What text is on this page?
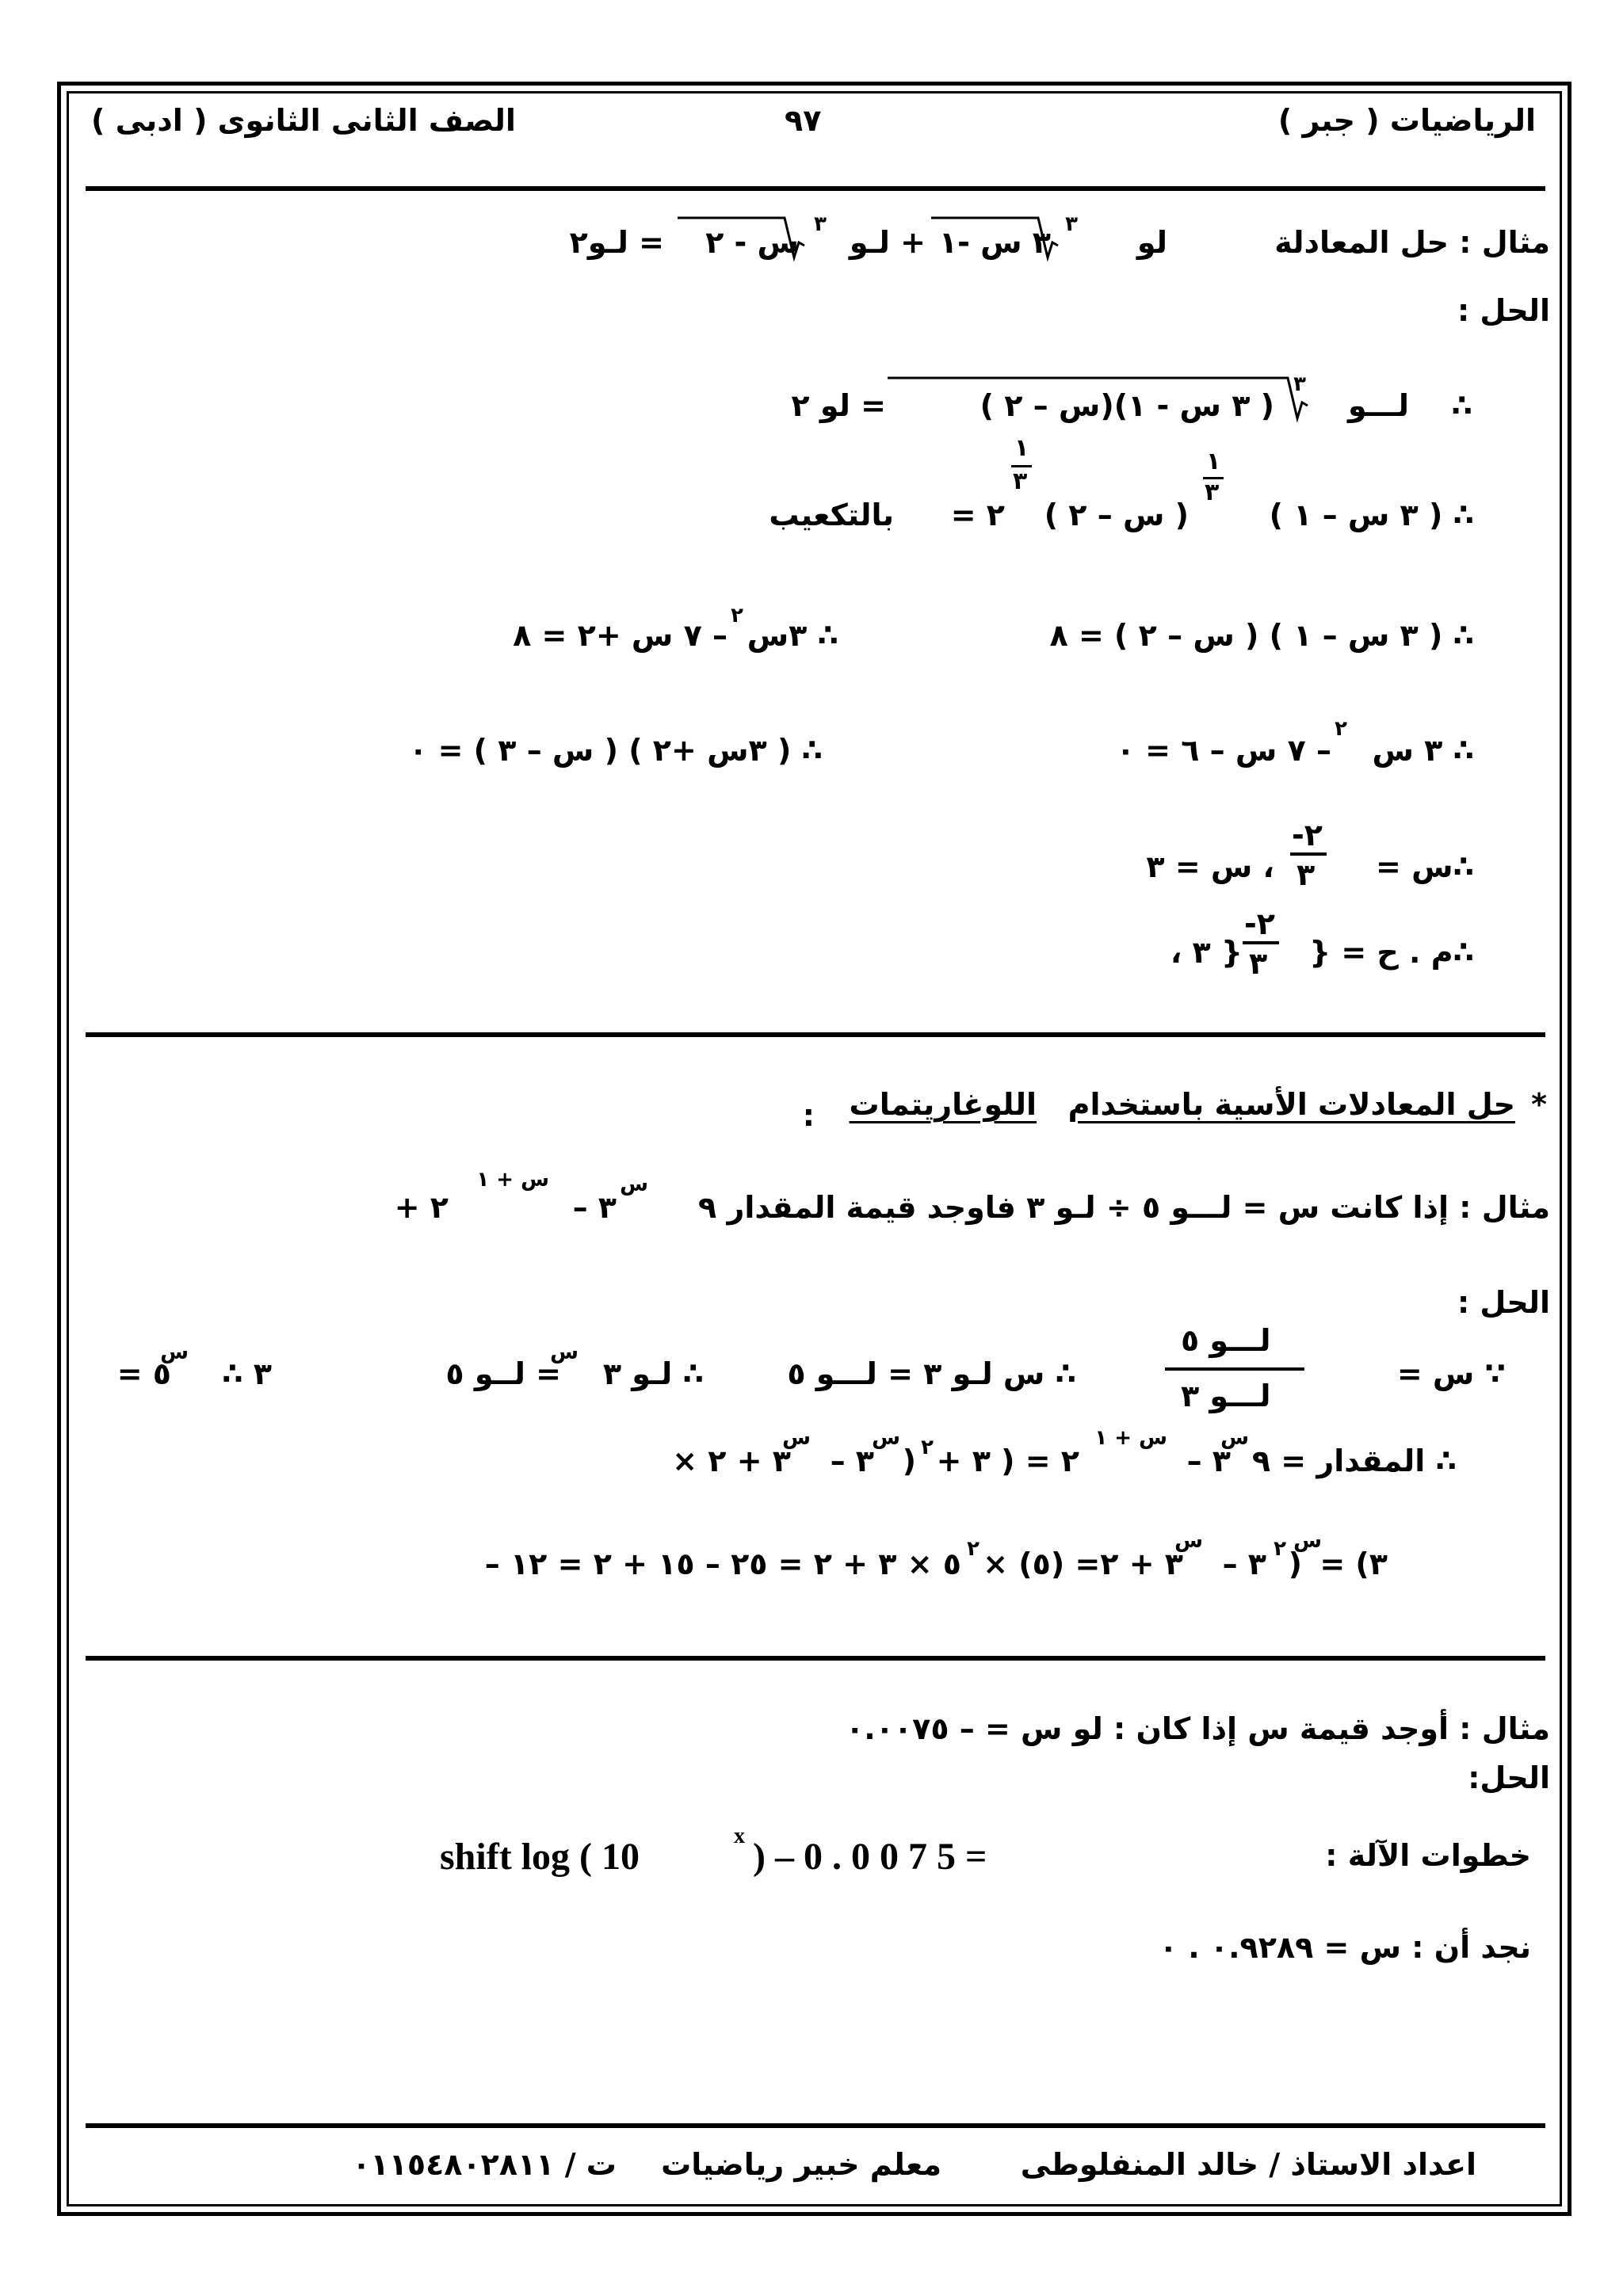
الرياضيات ( جبر )
٩٧
الصف الثانى الثانوى ( ادبى )
مثال : حل المعادلة
لو
٣
٣ س -١
+ لـو
٣
س - ٢
= لـو٢
الحل :
∴
لـــو
٣
( ٣ س - ١)(س – ٢ )
= لو ٢
∴ ( ٣ س – ١ )
١
٣
( س – ٢ )
١
٣
= ٢
بالتكعيب
∴ ( ٣ س – ١ ) ( س – ٢ ) = ٨
∴ ٣س
٢
– ٧ س +٢ = ٨
∴ ٣ س
٢
– ٧ س – ٦ = ٠
∴ ( ٣س +٢ ) ( س – ٣ ) = ٠
∴س =
-٢
٣
، س = ٣
∴م . ح = {
-٢
٣
، ٣ }
*
حل المعادلات الأسية باستخدام
اللوغاريتمات
:
مثال : إذا كانت س = لـــو ٥ ÷ لـو ٣ فاوجد قيمة المقدار ٩
س
– ٣
س + ١
+ ٢
الحل :
∵ س =
لـــو ٥
لـــو ٣
∴ س لـو ٣ = لـــو ٥
∴ لـو ٣
س
= لــو ٥
∴ ٣
س
= ٥
∴ المقدار = ٩
س
– ٣
س + ١
+ ٢ = ( ٣
٢
)
س
– ٣
س
× ٣ + ٢
= (٣
س
)
٢
– ٣
س
× ٣ + ٢= (٥)
٢
– ٥ × ٣ + ٢ = ٢٥ – ١٥ + ٢ = ١٢
مثال : أوجد قيمة س إذا كان : لو س = – ٠.٠٠٧٥
الحل:
خطوات الآلة :
shift log ( 10	x ) – 0 . 0 0 7 5 =
نجد أن : س = ٠.٩٢٨٩ . ٠
اعداد الاستاذ / خالد المنفلوطى
معلم خبير رياضيات
ت / ٠١١٥٤٨٠٢٨١١
